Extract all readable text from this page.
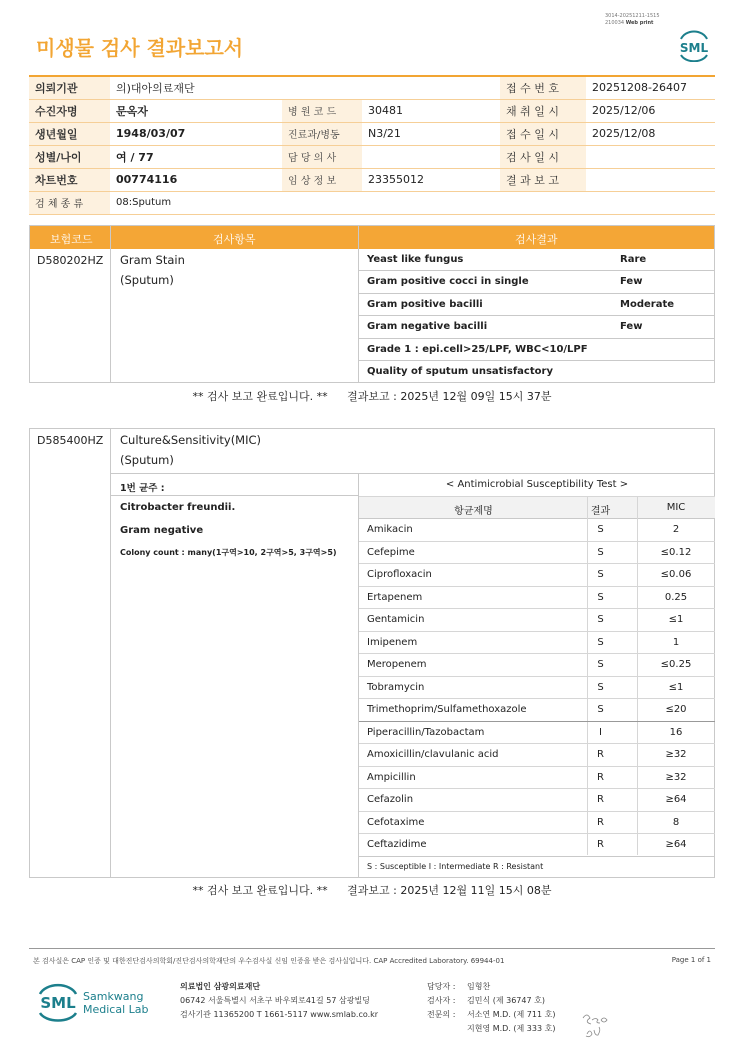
3014-20251211-1515
210034 Web print
미생물 검사 결과보고서	SML
의뢰기관	의)대아의료재단			접 수 번 호	20251208-26407
수진자명	문옥자	병 원 코 드	30481	채 취 일 시	2025/12/06
생년월일	1948/03/07	진료과/병동	N3/21	접 수 일 시	2025/12/08
성별/나이	여 / 77	담 당 의 사		검 사 일 시	
차트번호	00774116	임 상 정 보	23355012	결 과 보 고	
검 체 종 류	08:Sputum				
보험코드	검사항목	검사결과
D580202HZ Gram Stain
(Sputum)
Yeast like fungus	Rare
Gram positive cocci in single	Few
Gram positive bacilli	Moderate
Gram negative bacilli	Few
Grade 1 : epi.cell>25/LPF, WBC<10/LPF
Quality of sputum unsatisfactory
** 검사 보고 완료입니다. ** 결과보고 : 2025년 12월 09일 15시 37분
D585400HZ Culture&Sensitivity(MIC)
(Sputum)
1번 균주 :
Citrobacter freundii.
Gram negative
Colony count : many(1구역>10, 2구역>5, 3구역>5)
< Antimicrobial Susceptibility Test >
항균제명	결과	MIC
Amikacin	S	2
Cefepime	S	≤0.12
Ciprofloxacin	S	≤0.06
Ertapenem	S	0.25
Gentamicin	S	≤1
Imipenem	S	1
Meropenem	S	≤0.25
Tobramycin	S	≤1
Trimethoprim/Sulfamethoxazole	S	≤20
Piperacillin/Tazobactam	I	16
Amoxicillin/clavulanic acid	R	≥32
Ampicillin	R	≥32
Cefazolin	R	≥64
Cefotaxime	R	8
Ceftazidime	R	≥64
S : Susceptible I : Intermediate R : Resistant
** 검사 보고 완료입니다. ** 결과보고 : 2025년 12월 11일 15시 08분
본 검사실은 CAP 인증 및 대한진단검사의학회/진단검사의학재단의 우수검사실 신임 인증을 받은 검사실입니다. CAP Accredited Laboratory. 69944-01	Page 1 of 1
SML Samkwang
Medical Lab
의료법인 삼광의료재단
06742 서울특별시 서초구 바우뫼로41길 57 삼광빌딩
검사기관 11365200 T 1661-5117 www.smlab.co.kr
담당자 : 임형찬
검사자 : 김민식 (제 36747 호)
전문의 : 서소연 M.D. (제 711 호)
지현영 M.D. (제 333 호)
